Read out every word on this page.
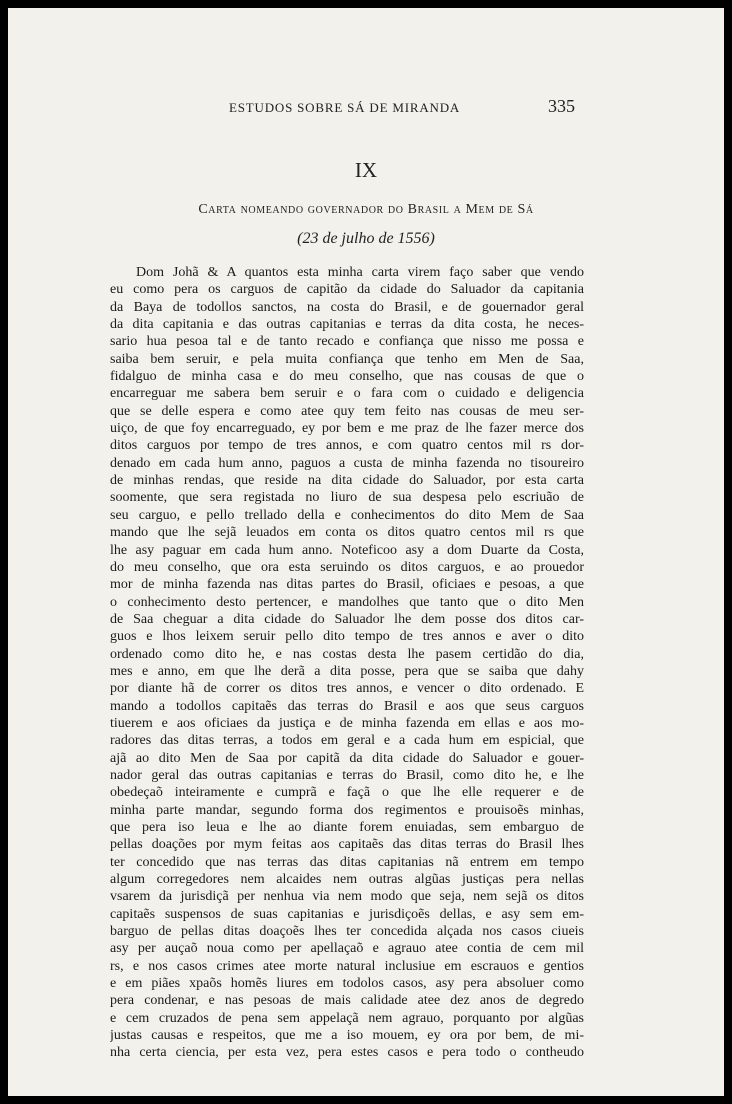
ESTUDOS SOBRE SÁ DE MIRANDA	335
IX
Carta nomeando governador do Brasil a Mem de Sá
(23 de julho de 1556)
Dom Johã & A quantos esta minha carta virem faço saber que vendo
eu como pera os carguos de capitão da cidade do Saluador da capitania
da Baya de todollos sanctos, na costa do Brasil, e de gouernador geral
da dita capitania e das outras capitanias e terras da dita costa, he neces-
sario hua pesoa tal e de tanto recado e confiança que nisso me possa e
saiba bem seruir, e pela muita confiança que tenho em Men de Saa,
fidalguo de minha casa e do meu conselho, que nas cousas de que o
encarreguar me sabera bem seruir e o fara com o cuidado e deligencia
que se delle espera e como atee quy tem feito nas cousas de meu ser-
uiço, de que foy encarreguado, ey por bem e me praz de lhe fazer merce dos
ditos carguos por tempo de tres annos, e com quatro centos mil rs dor-
denado em cada hum anno, paguos a custa de minha fazenda no tisoureiro
de minhas rendas, que reside na dita cidade do Saluador, por esta carta
soomente, que sera registada no liuro de sua despesa pelo escriuão de
seu carguo, e pello trellado della e conhecimentos do dito Mem de Saa
mando que lhe sejã leuados em conta os ditos quatro centos mil rs que
lhe asy paguar em cada hum anno. Noteficoo asy a dom Duarte da Costa,
do meu conselho, que ora esta seruindo os ditos carguos, e ao prouedor
mor de minha fazenda nas ditas partes do Brasil, oficiaes e pesoas, a que
o conhecimento desto pertencer, e mandolhes que tanto que o dito Men
de Saa cheguar a dita cidade do Saluador lhe dem posse dos ditos car-
guos e lhos leixem seruir pello dito tempo de tres annos e aver o dito
ordenado como dito he, e nas costas desta lhe pasem certidão do dia,
mes e anno, em que lhe derã a dita posse, pera que se saiba que dahy
por diante hã de correr os ditos tres annos, e vencer o dito ordenado. E
mando a todollos capitaẽs das terras do Brasil e aos que seus carguos
tiuerem e aos oficiaes da justiça e de minha fazenda em ellas e aos mo-
radores das ditas terras, a todos em geral e a cada hum em espicial, que
ajã ao dito Men de Saa por capitã da dita cidade do Saluador e gouer-
nador geral das outras capitanias e terras do Brasil, como dito he, e lhe
obedeçaõ inteiramente e cumprã e façã o que lhe elle requerer e de
minha parte mandar, segundo forma dos regimentos e prouisoẽs minhas,
que pera iso leua e lhe ao diante forem enuiadas, sem embarguo de
pellas doações por mym feitas aos capitaẽs das ditas terras do Brasil lhes
ter concedido que nas terras das ditas capitanias nã entrem em tempo
algum corregedores nem alcaides nem outras algũas justiças pera nellas
vsarem da jurisdiçã per nenhua via nem modo que seja, nem sejã os ditos
capitaẽs suspensos de suas capitanias e jurisdiçoẽs dellas, e asy sem em-
barguo de pellas ditas doaçoẽs lhes ter concedida alçada nos casos ciueis
asy per auçaõ noua como per apellaçaõ e agrauo atee contia de cem mil
rs, e nos casos crimes atee morte natural inclusiue em escrauos e gentios
e em piães xpaõs homẽs liures em todolos casos, asy pera absoluer como
pera condenar, e nas pesoas de mais calidade atee dez anos de degredo
e cem cruzados de pena sem appelaçã nem agrauo, porquanto por algũas
justas causas e respeitos, que me a iso mouem, ey ora por bem, de mi-
nha certa ciencia, per esta vez, pera estes casos e pera todo o contheudo
